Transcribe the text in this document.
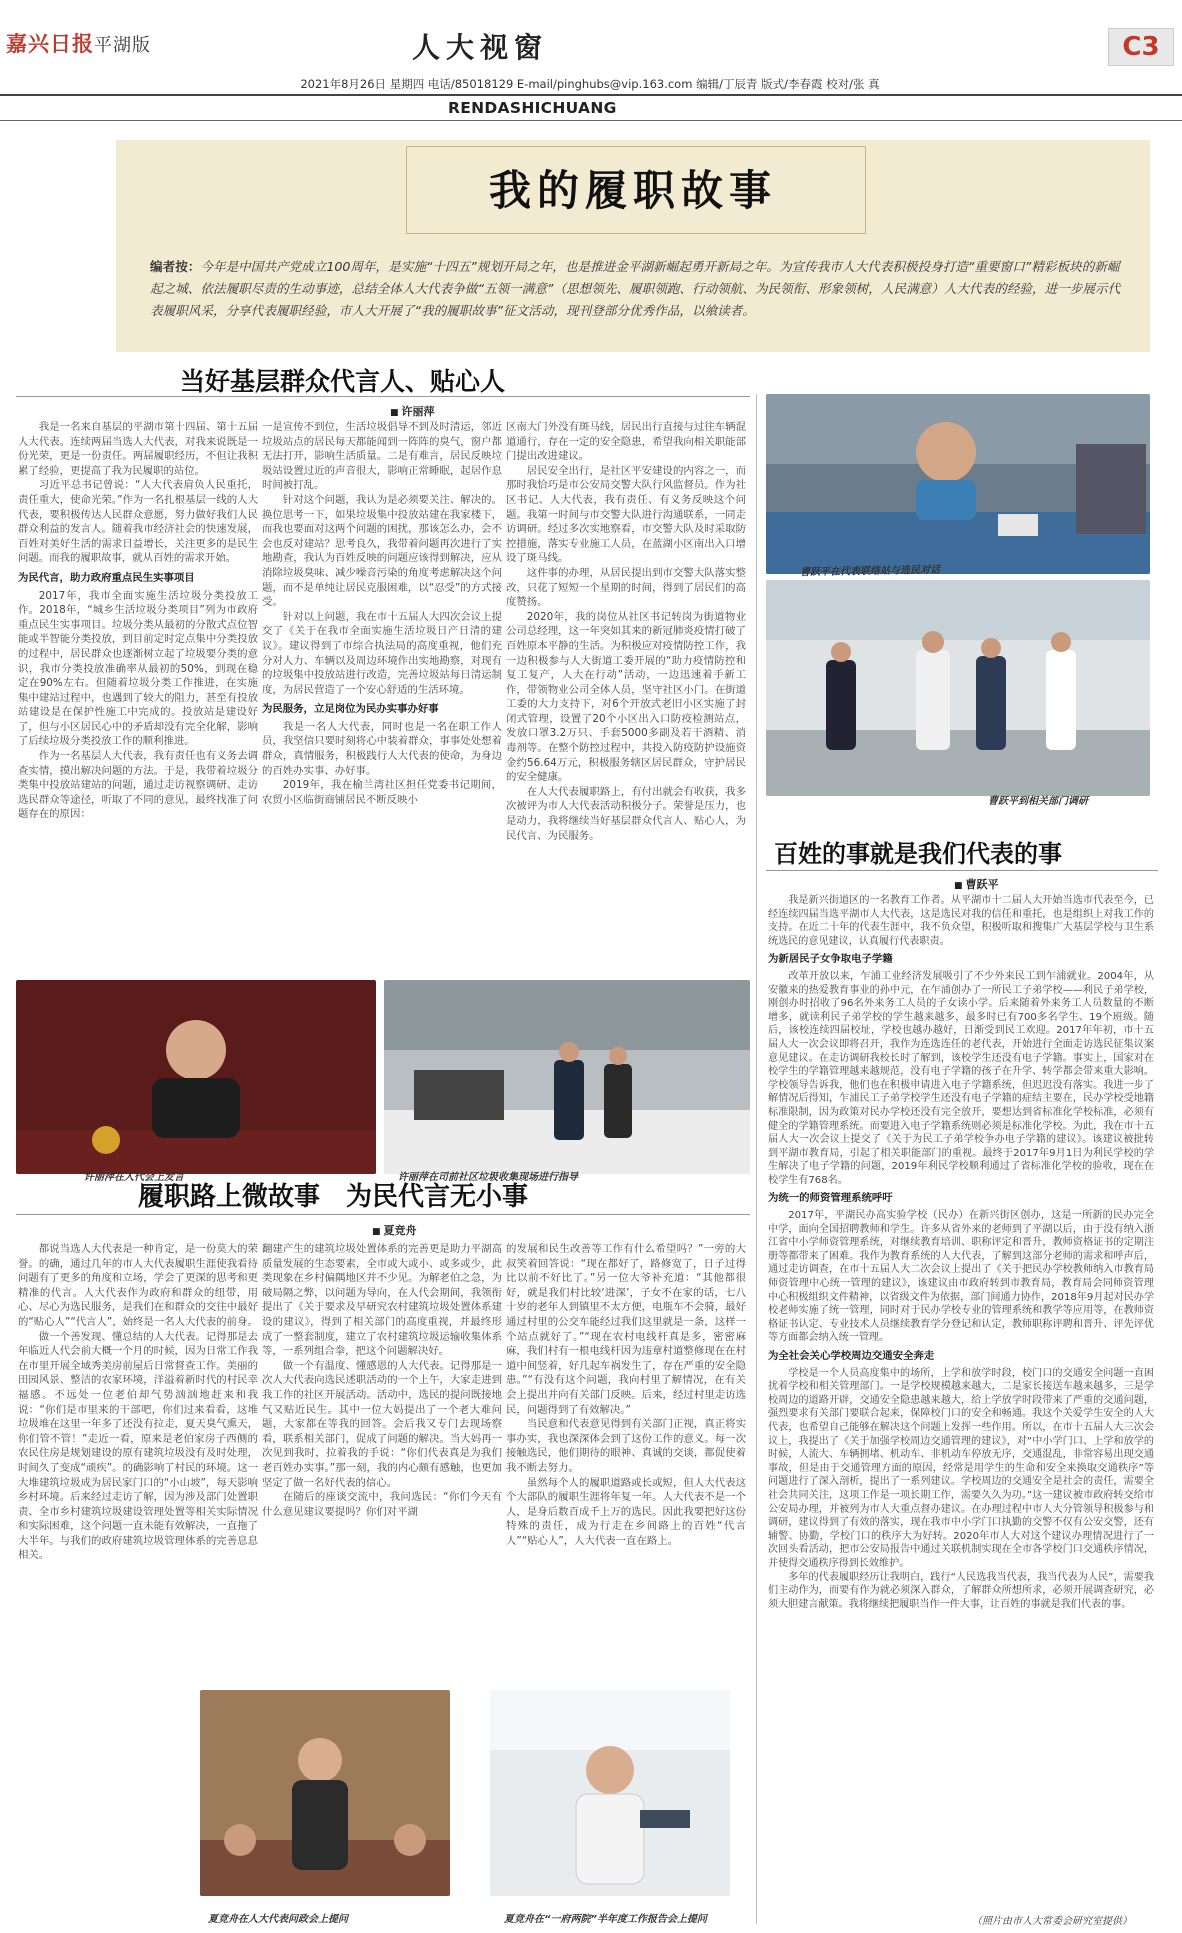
嘉兴日报平湖版	人大视窗	C3
2021年8月26日 星期四 电话/85018129 E-mail/pinghubs@vip.163.com 编辑/丁辰青 版式/李春霞 校对/张 真
RENDASHICHUANG
我的履职故事
编者按：今年是中国共产党成立100周年，是实施“十四五”规划开局之年，也是推进金平湖新崛起勇开新局之年。为宣传我市人大代表积极投身打造“重要窗口”精彩板块的新崛起之城、依法履职尽责的生动事迹，总结全体人大代表争做“五领一满意”（思想领先、履职领跑、行动领航、为民领衔、形象领树，人民满意）人大代表的经验，进一步展示代表履职风采，分享代表履职经验，市人大开展了“我的履职故事”征文活动，现刊登部分优秀作品，以飨读者。
当好基层群众代言人、贴心人
■ 许丽萍

我是一名来自基层的平湖市第十四届、第十五届人大代表。连续两届当选人大代表，对我来说既是一份光荣，更是一份责任。两届履职经历，不但让我积累了经验，更提高了我为民履职的站位。

习近平总书记曾说：“人大代表肩负人民重托，责任重大，使命光荣。”作为一名扎根基层一线的人大代表，要积极传达人民群众意愿，努力做好我们人民群众利益的发言人。随着我市经济社会的快速发展，百姓对美好生活的需求日益增长，关注更多的是民生问题。而我的履职故事，就从百姓的需求开始。

为民代言，助力政府重点民生实事项目

2017年，我市全面实施生活垃圾分类投放工作。2018年，“城乡生活垃圾分类项目”列为市政府重点民生实事项目。垃圾分类从最初的分散式点位智能或半智能分类投放，到目前定时定点集中分类投放的过程中，居民群众也逐渐树立起了垃圾要分类的意识，我市分类投放准确率从最初的50%，到现在稳定在90%左右。但随着垃圾分类工作推进，在实施集中建站过程中，也遇到了较大的阻力，甚至有投放站建设是在保护性施工中完成的。投放站是建设好了，但与小区居民心中的矛盾却没有完全化解，影响了后续垃圾分类投放工作的顺利推进。

作为一名基层人大代表，我有责任也有义务去调查实情，摸出解决问题的方法。于是，我带着垃圾分类集中投放站建站的问题，通过走访视察调研、走访选民群众等途径，听取了不同的意见，最终找准了问题存在的原因：

一是宣传不到位，生活垃圾倡导不到及时清运，邻近垃圾站点的居民每天都能闻到一阵阵的臭气，窗户都无法打开，影响生活质量。二是有难言，居民反映垃圾站设置过近的声音很大，影响正常睡眠，起居作息时间被打乱。

针对这个问题，我认为是必须要关注、解决的。换位思考一下，如果垃圾集中投放站建在我家楼下，而我也要面对这两个问题的困扰，那该怎么办，会不会也反对建站？思考良久，我带着问题再次进行了实地勘查，我认为百姓反映的问题应该得到解决，应从消除垃圾臭味、减少噪音污染的角度考虑解决这个问题，而不是单纯让居民克服困难，以“忍受”的方式接受。

针对以上问题，我在市十五届人大四次会议上提交了《关于在我市全面实施生活垃圾日产日清的建议》。建议得到了市综合执法局的高度重视，他们充分对人力、车辆以及周边环境作出实地勘察，对现有的垃圾集中投放站进行改造，完善垃圾站每日清运制度，为居民营造了一个安心舒适的生活环境。

为民服务，立足岗位为民办实事办好事

我是一名人大代表，同时也是一名在职工作人员，我坚信只要时刻将心中装着群众，事事处处想着群众，真情服务，积极践行人大代表的使命，为身边的百姓办实事、办好事。

2019年，我在榆兰湾社区担任党委书记期间，农贸小区临街商铺居民不断反映小

区南大门外没有斑马线，居民出行直接与过往车辆混道通行，存在一定的安全隐患，希望我向相关职能部门提出改进建议。

居民安全出行，是社区平安建设的内容之一，而那时我恰巧是市公安局交警大队行风监督员。作为社区书记、人大代表，我有责任、有义务反映这个问题。我第一时间与市交警大队进行沟通联系，一同走访调研。经过多次实地察看，市交警大队及时采取防控措施，落实专业施工人员，在蓝湖小区南出入口增设了斑马线。

这件事的办理，从居民提出到市交警大队落实整改，只花了短短一个星期的时间，得到了居民们的高度赞扬。

2020年，我的岗位从社区书记转岗为街道物业公司总经理，这一年突如其来的新冠肺炎疫情打破了百姓原本平静的生活。为积极应对疫情防控工作，我一边积极参与人大街道工委开展的“助力疫情防控和复工复产，人大在行动”活动，一边迅速着手新工作，带领物业公司全体人员，坚守社区小门。在街道工委的大力支持下，对6个开放式老旧小区实施了封闭式管理，设置了20个小区出入口防疫检测站点，发放口罩3.2万只、手套5000多副及若干酒精、消毒剂等。在整个防控过程中，共投入防疫防护设施资金约56.64万元，积极服务辖区居民群众，守护居民的安全健康。

在人大代表履职路上，有付出就会有收获，我多次被评为市人大代表活动积极分子。荣誉是压力，也是动力，我将继续当好基层群众代言人、贴心人，为民代言、为民服务。

曹跃平在代表联络站与选民对话
曹跃平到相关部门调研
百姓的事就是我们代表的事
■ 曹跃平

我是新兴街道区的一名教育工作者。从平湖市十二届人大开始当选市代表至今，已经连续四届当选平湖市人大代表，这是选民对我的信任和重托，也是组织上对我工作的支持。在近二十年的代表生涯中，我不负众望，积极听取和搜集广大基层学校与卫生系统选民的意见建议，认真履行代表职责。

为新居民子女争取电子学籍

改革开放以来，乍浦工业经济发展吸引了不少外来民工到乍浦就业。2004年，从安徽来的热爱教育事业的孙中元，在乍浦创办了一所民工子弟学校——利民子弟学校，刚创办时招收了96名外来务工人员的子女读小学。后来随着外来务工人员数量的不断增多，就读利民子弟学校的学生越来越多，最多时已有700多名学生、19个班级。随后，该校连续四届校址，学校也越办越好，日渐受到民工欢迎。2017年年初，市十五届人大一次会议即将召开，我作为连选连任的老代表，开始进行全面走访选民征集议案意见建议。在走访调研我校长时了解到，该校学生还没有电子学籍。事实上，国家对在校学生的学籍管理越来越规范，没有电子学籍的孩子在升学、转学都会带来重大影响。学校领导告诉我，他们也在积极申请进入电子学籍系统，但迟迟没有落实。我进一步了解情况后得知，乍浦民工子弟学校学生还没有电子学籍的症结主要在，民办学校受地籍标准限制，因为政策对民办学校还没有完全放开，要想达到省标准化学校标准，必须有健全的学籍管理系统。而要进入电子学籍系统则必须是标准化学校。为此，我在市十五届人大一次会议上提交了《关于为民工子弟学校争办电子学籍的建议》。该建议被批转到平湖市教育局，引起了相关职能部门的重视。最终于2017年9月1日为利民学校的学生解决了电子学籍的问题，2019年利民学校顺利通过了省标准化学校的验收，现在在校学生有768名。

为统一的师资管理系统呼吁

2017年，平湖民办高实验学校（民办）在新兴街区创办，这是一所新的民办完全中学，面向全国招聘教师和学生。许多从省外来的老师到了平湖以后，由于没有纳入浙江省中小学师资管理系统，对继续教育培训、职称评定和晋升，教师资格证书的定期注册等都带来了困难。我作为教育系统的人大代表，了解到这部分老师的需求和呼声后，通过走访调查，在市十五届人大二次会议上提出了《关于把民办学校教师纳入市教育局师资管理中心统一管理的建议》，该建议由市政府转到市教育局，教育局会同师资管理中心积极组织文件精神，以省级文件为依据，部门间通力协作，2018年9月起对民办学校老师实施了统一管理，同时对于民办学校专业的管理系统和教学等应用等，在教师资格证书认定、专业技术人员继续教育学分登记和认定，教师职称评聘和晋升、评先评优等方面都会纳入统一管理。

为全社会关心学校周边交通安全奔走

学校是一个人员高度集中的场所，上学和放学时段，校门口的交通安全问题一直困扰着学校和相关管理部门。一是学校规模越来越大，二是家长接送车越来越多，三是学校周边的道路开辟，交通安全隐患越来越大，给上学放学时段带来了严重的交通问题，强烈要求有关部门要联合起来，保障校门口的安全和畅通。我这个关爱学生安全的人大代表，也希望自己能够在解决这个问题上发挥一些作用。所以，在市十五届人大三次会议上，我提出了《关于加强学校周边交通管理的建议》，对“中小学门口、上学和放学的时候，人流大、车辆拥堵、机动车、非机动车停放无序，交通混乱，非常容易出现交通事故，但是由于交通管理方面的原因，经常是用学生的生命和安全来换取交通秩序”等问题进行了深入剖析，提出了一系列建议。学校周边的交通安全是社会的责任，需要全社会共同关注，这项工作是一项长期工作，需要久久为功。”这一建议被市政府转交给市公安局办理，并被列为市人大重点督办建议。在办理过程中市人大分管领导积极参与和调研，建议得到了有效的落实，现在我市中小学门口执勤的交警不仅有公安交警，还有辅警、协勤，学校门口的秩序大为好转。2020年市人大对这个建议办理情况进行了一次回头看活动，把市公安局报告中通过关联机制实现在全市各学校门口交通秩序情况，并使得交通秩序得到长效维护。

多年的代表履职经历让我明白，践行“人民选我当代表，我当代表为人民”，需要我们主动作为，而要有作为就必须深入群众，了解群众所想所求，必须开展调查研究，必须大胆建言献策。我将继续把履职当作一件大事，让百姓的事就是我们代表的事。

（照片由市人大常委会研究室提供）
许丽萍在人代会上发言	许丽萍在司前社区垃圾收集现场进行指导
履职路上微故事　为民代言无小事
■ 夏竞舟

都说当选人大代表是一种肯定，是一份莫大的荣誉。的确，通过几年的市人大代表履职生涯使我看待问题有了更多的角度和立场，学会了更深的思考和更精准的代言。人大代表作为政府和群众的纽带，用心、尽心为选民服务，是我们在和群众的交往中最好的“贴心人”“代言人”，始终是一名人大代表的前身。

做一个善发现、懂总结的人大代表。记得那是去年临近人代会前大概一个月的时候，因为日常工作我在市里开展全域秀美房前屋后日常督查工作。美丽的田园风景、整洁的农家环境，洋溢着新时代的村民幸福感。不远处一位老伯却气势汹汹地赶来和我说：“你们是市里来的干部吧，你们过来看看，这堆垃圾堆在这里一年多了还没有拉走，夏天臭气熏天，你们管不管！”走近一看，原来是老伯家房子西侧的农民住房是规划建设的原有建筑垃圾没有及时处理，时间久了变成“顽疾”。的确影响了村民的环境。这一大堆建筑垃圾成为居民家门口的“小山坡”，每天影响乡村环境。后来经过走访了解，因为涉及部门处置职责、全市乡村建筑垃圾建设管理处置等相关实际情况和实际困难，这个问题一直未能有效解决，一直拖了大半年。与我们的政府建筑垃圾管理体系的完善息息相关。

翻建产生的建筑垃圾处置体系的完善更是助力平湖高质量发展的生态要素，全市或大或小、或多或少，此类现象在乡村偏隅地区并不少见。为解老伯之急，为破局隔之弊，以问题为导向，在人代会期间，我领衔提出了《关于要求及早研究农村建筑垃圾处置体系建设的建议》，得到了相关部门的高度重视，并最终形成了一整套制度，建立了农村建筑垃圾运输收集体系等，一系列组合拳，把这个问题解决好。

做一个有温度、懂感恩的人大代表。记得那是一次人大代表向选民述职活动的一个上午，大家走进到我工作的社区开展活动。活动中，选民的提问既接地气又贴近民生。其中一位大妈提出了一个老大难问题，大家都在等我的回答。会后我又专门去现场察看，联系相关部门，促成了问题的解决。当大妈再一次见到我时，拉着我的手说：“你们代表真是为我们老百姓办实事。”那一刻，我的内心颇有感触，也更加坚定了做一名好代表的信心。

在随后的座谈交流中，我问选民：“你们今天有什么意见建议要提吗？你们对平湖

的发展和民生改善等工作有什么希望吗？”一旁的大叔笑着回答说：“现在都好了，路修宽了，日子过得比以前不好比了。”另一位大爷补充道：“其他都很好，就是我们村比较‘进深’，子女不在家的话，七八十岁的老年人到镇里不太方便，电瓶车不会骑，最好通过村里的公交车能经过我们这里就是一条，这样一个站点就好了。”“现在农村电线杆真是多，密密麻麻，我们村有一根电线杆因为违章村道整修现在在村道中间竖着，好几起车祸发生了，存在严重的安全隐患。”“有没有这个问题，我向村里了解情况，在有关会上提出并向有关部门反映。后来，经过村里走访选民，问题得到了有效解决。”

当民意和代表意见得到有关部门正视，真正将实事办实，我也深深体会到了这份工作的意义。每一次接触选民，他们期待的眼神、真诚的交谈，都促使着我不断去努力。

虽然每个人的履职道路或长或短，但人大代表这个大部队的履职生涯将年复一年。人大代表不是一个人，是身后数百成千上万的选民。因此我要把好这份特殊的责任，成为行走在乡间路上的百姓“代言人”“贴心人”，人大代表一直在路上。

夏竞舟在人大代表问政会上提问	夏竞舟在“一府两院”半年度工作报告会上提问
